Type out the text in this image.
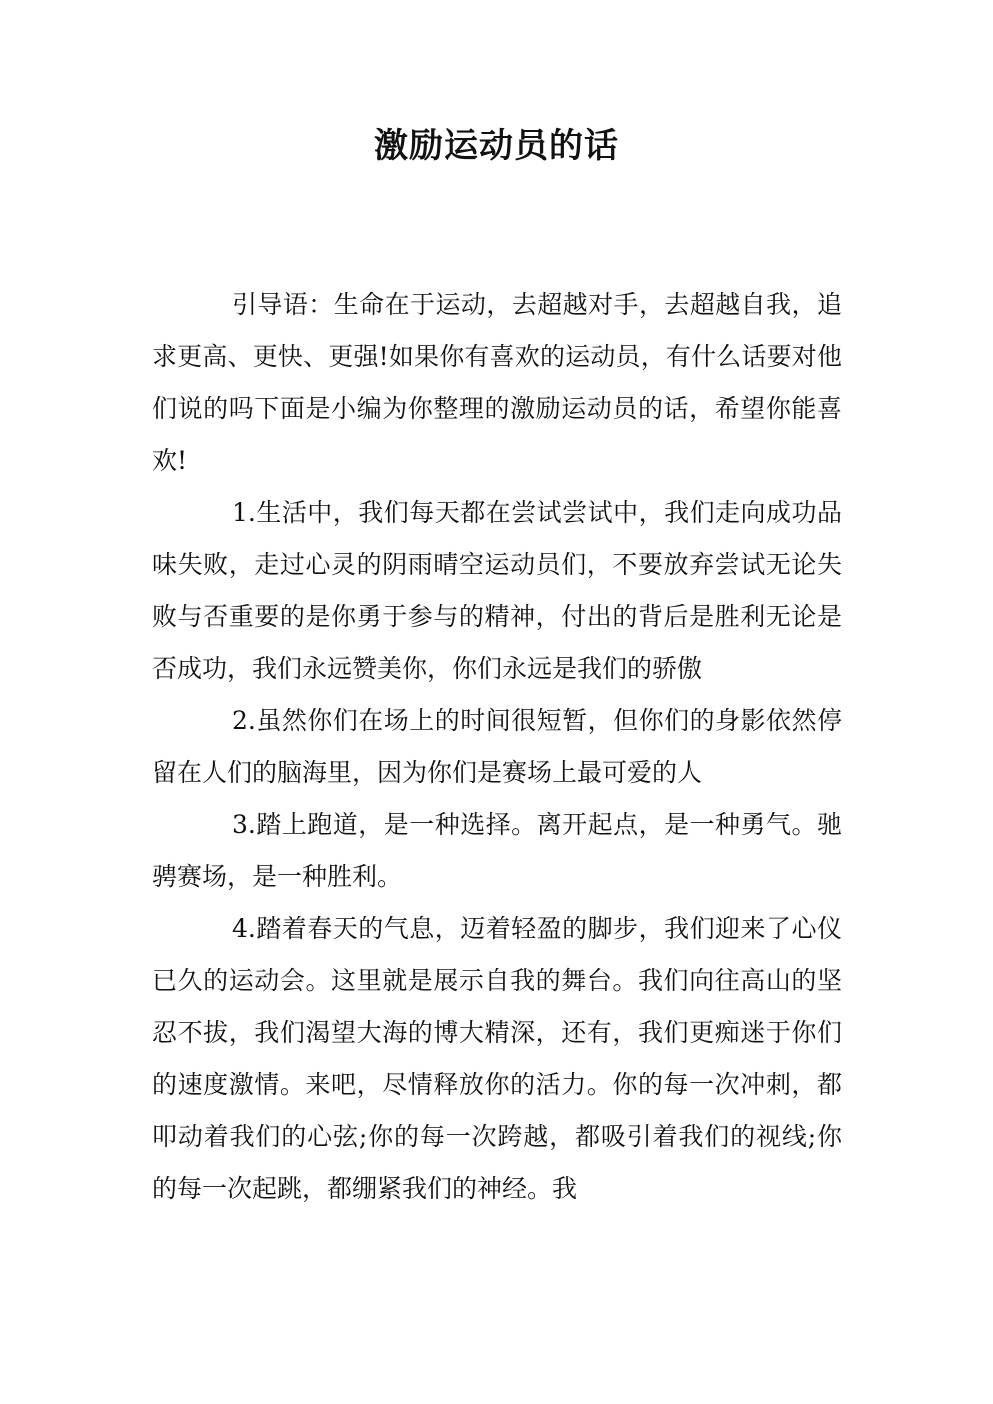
激励运动员的话

引导语：生命在于运动，去超越对手，去超越自我，追求更高、更快、更强!如果你有喜欢的运动员，有什么话要对他们说的吗下面是小编为你整理的激励运动员的话，希望你能喜欢!

1.生活中，我们每天都在尝试尝试中，我们走向成功品味失败，走过心灵的阴雨晴空运动员们，不要放弃尝试无论失败与否重要的是你勇于参与的精神，付出的背后是胜利无论是否成功，我们永远赞美你，你们永远是我们的骄傲

2.虽然你们在场上的时间很短暂，但你们的身影依然停留在人们的脑海里，因为你们是赛场上最可爱的人

3.踏上跑道，是一种选择。离开起点，是一种勇气。驰骋赛场，是一种胜利。

4.踏着春天的气息，迈着轻盈的脚步，我们迎来了心仪已久的运动会。这里就是展示自我的舞台。我们向往高山的坚忍不拔，我们渴望大海的博大精深，还有，我们更痴迷于你们的速度激情。来吧，尽情释放你的活力。你的每一次冲刺，都叩动着我们的心弦;你的每一次跨越，都吸引着我们的视线;你的每一次起跳，都绷紧我们的神经。我
